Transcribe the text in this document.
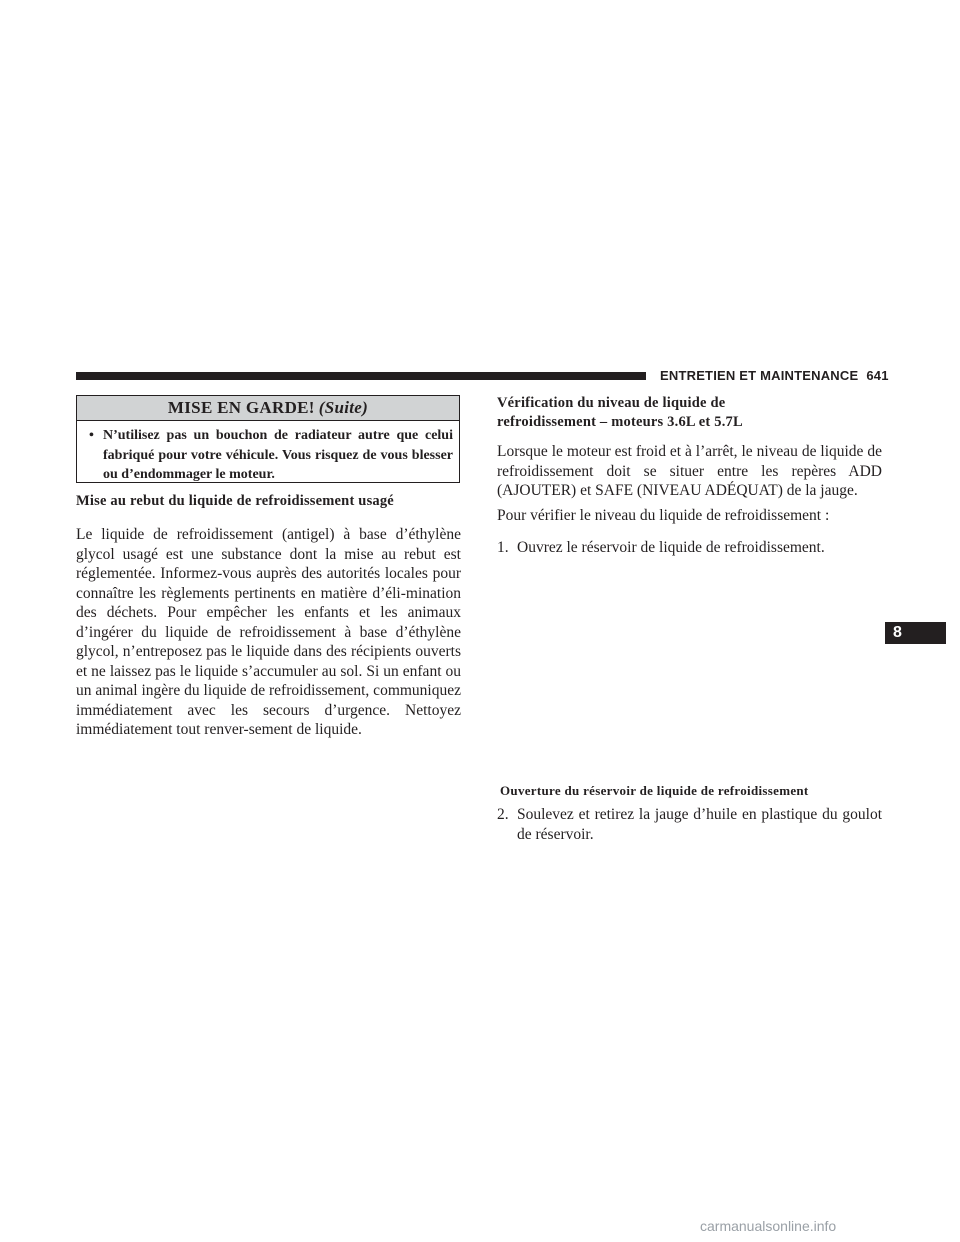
ENTRETIEN ET MAINTENANCE 641
MISE EN GARDE! (Suite)
• N’utilisez pas un bouchon de radiateur autre que celui fabriqué pour votre véhicule. Vous risquez de vous blesser ou d’endommager le moteur.
Mise au rebut du liquide de refroidissement usagé
Le liquide de refroidissement (antigel) à base d’éthylène glycol usagé est une substance dont la mise au rebut est réglementée. Informez-vous auprès des autorités locales pour connaître les règlements pertinents en matière d’éli-mination des déchets. Pour empêcher les enfants et les animaux d’ingérer du liquide de refroidissement à base d’éthylène glycol, n’entreposez pas le liquide dans des récipients ouverts et ne laissez pas le liquide s’accumuler au sol. Si un enfant ou un animal ingère du liquide de refroidissement, communiquez immédiatement avec les secours d’urgence. Nettoyez immédiatement tout renver-sement de liquide.
Vérification du niveau de liquide de
refroidissement – moteurs 3.6L et 5.7L
Lorsque le moteur est froid et à l’arrêt, le niveau de liquide de refroidissement doit se situer entre les repères ADD (AJOUTER) et SAFE (NIVEAU ADÉQUAT) de la jauge.
Pour vérifier le niveau du liquide de refroidissement :
1. Ouvrez le réservoir de liquide de refroidissement.
Ouverture du réservoir de liquide de refroidissement
2. Soulevez et retirez la jauge d’huile en plastique du goulot de réservoir.
8
carmanualsonline.info
